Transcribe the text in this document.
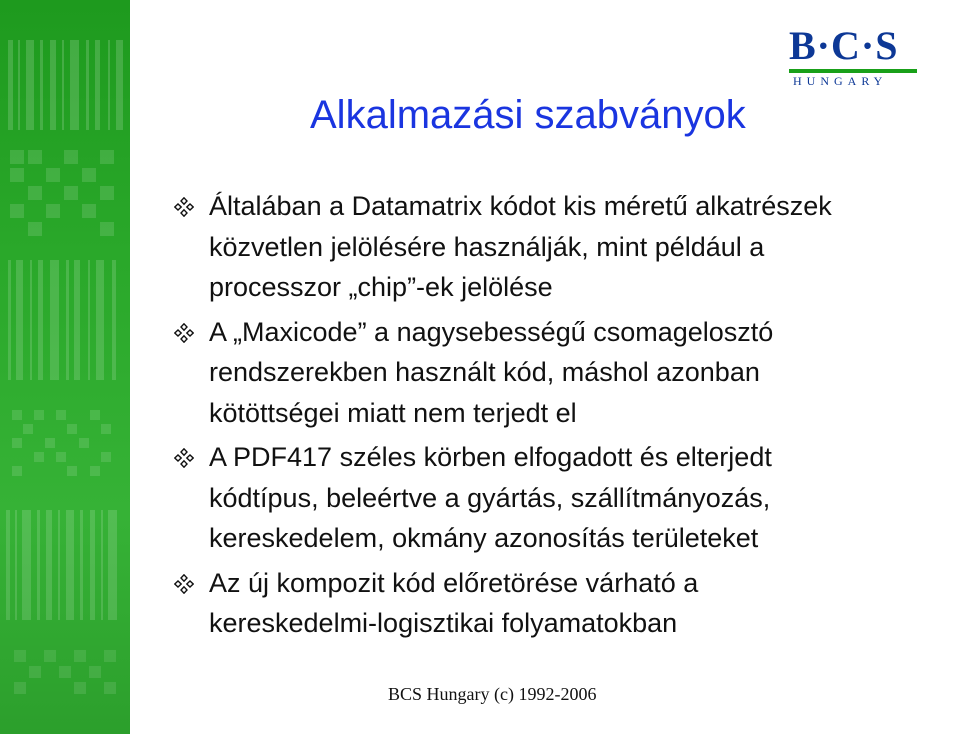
B·C·S
HUNGARY
Alkalmazási szabványok
Általában a Datamatrix kódot kis méretű alkatrészek
közvetlen jelölésére használják, mint például a
processzor „chip”-ek jelölése
A „Maxicode” a nagysebességű csomagelosztó
rendszerekben használt kód, máshol azonban
kötöttségei miatt nem terjedt el
A PDF417 széles körben elfogadott és elterjedt
kódtípus, beleértve a gyártás, szállítmányozás,
kereskedelem, okmány azonosítás területeket
Az új kompozit kód előretörése várható a
kereskedelmi-logisztikai folyamatokban
BCS Hungary (c) 1992-2006
